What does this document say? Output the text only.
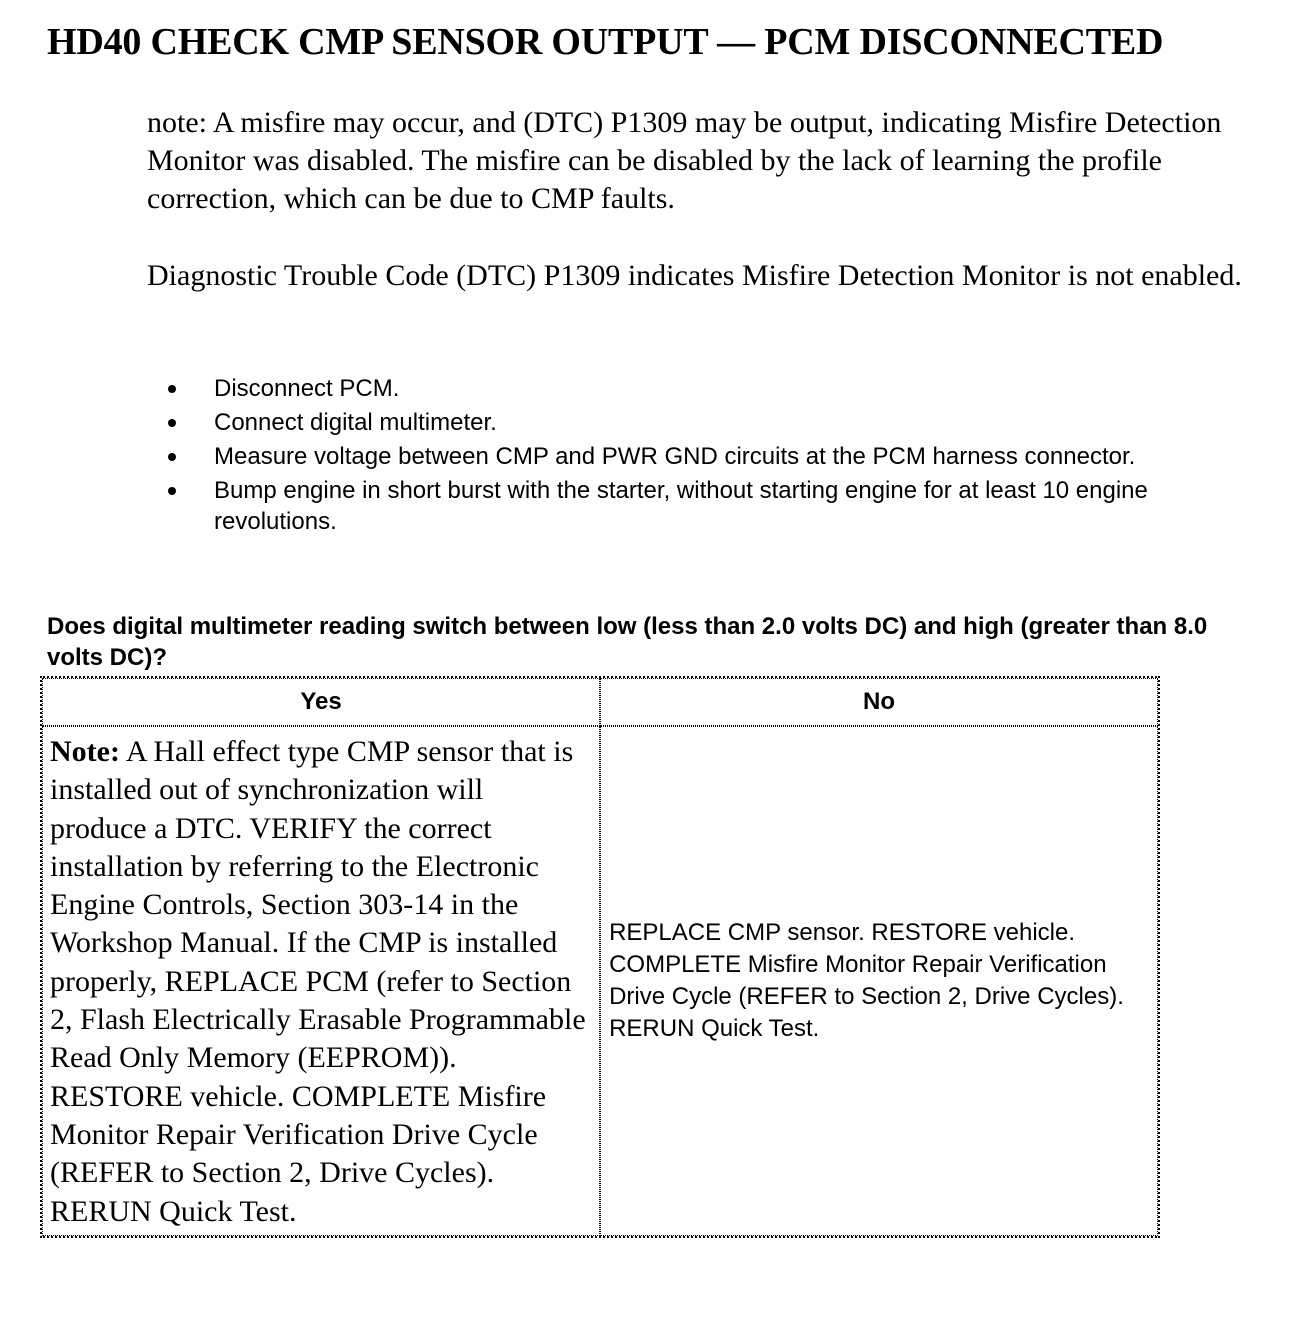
HD40 CHECK CMP SENSOR OUTPUT — PCM DISCONNECTED

note: A misfire may occur, and (DTC) P1309 may be output, indicating Misfire Detection Monitor was disabled. The misfire can be disabled by the lack of learning the profile correction, which can be due to CMP faults.

Diagnostic Trouble Code (DTC) P1309 indicates Misfire Detection Monitor is not enabled.

Disconnect PCM.
Connect digital multimeter.
Measure voltage between CMP and PWR GND circuits at the PCM harness connector.
Bump engine in short burst with the starter, without starting engine for at least 10 engine revolutions.

Does digital multimeter reading switch between low (less than 2.0 volts DC) and high (greater than 8.0 volts DC)?

Yes	No
Note: A Hall effect type CMP sensor that is installed out of synchronization will produce a DTC. VERIFY the correct installation by referring to the Electronic Engine Controls, Section 303-14 in the Workshop Manual. If the CMP is installed properly, REPLACE PCM (refer to Section 2, Flash Electrically Erasable Programmable Read Only Memory (EEPROM)). RESTORE vehicle. COMPLETE Misfire Monitor Repair Verification Drive Cycle (REFER to Section 2, Drive Cycles). RERUN Quick Test.	REPLACE CMP sensor. RESTORE vehicle. COMPLETE Misfire Monitor Repair Verification Drive Cycle (REFER to Section 2, Drive Cycles). RERUN Quick Test.
